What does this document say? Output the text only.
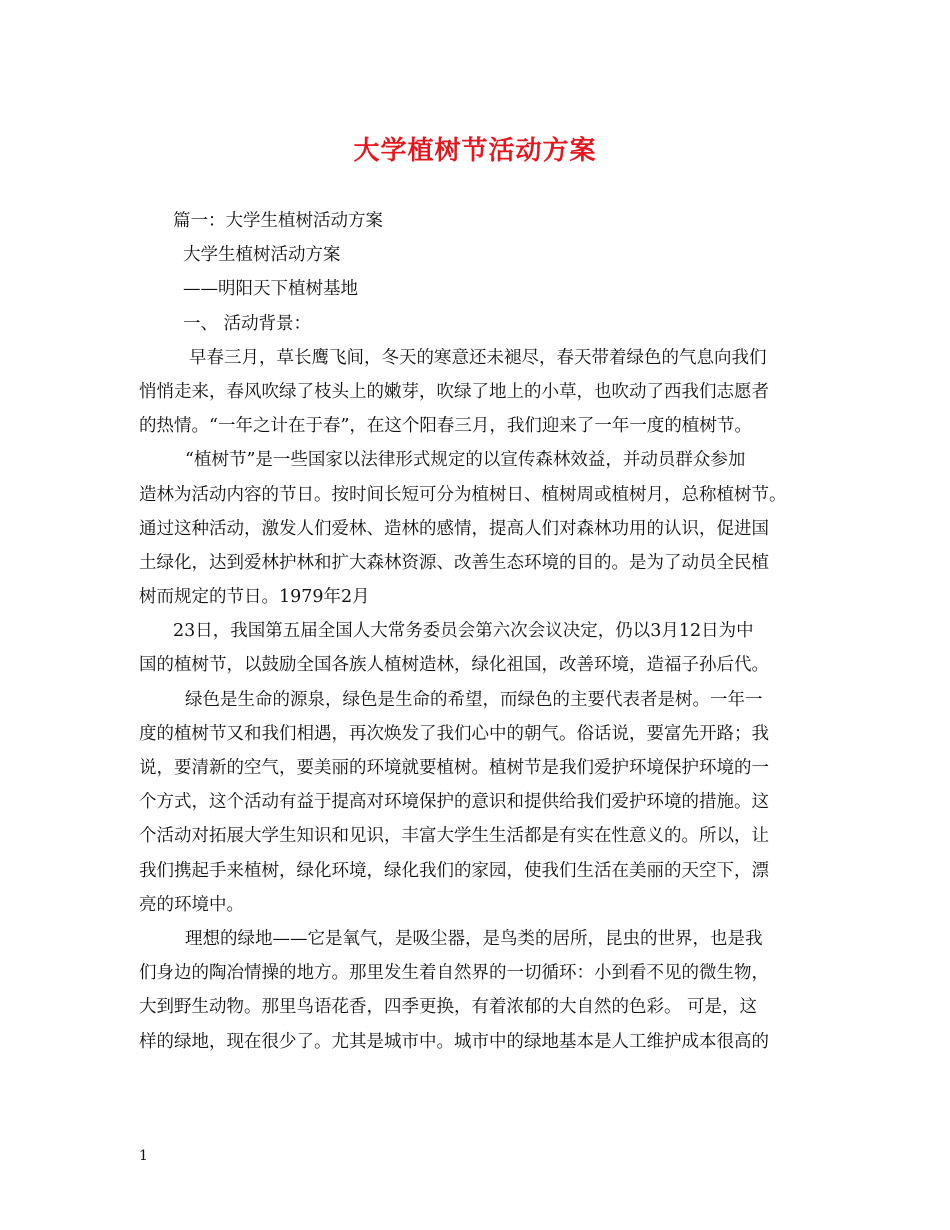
大学植树节活动方案
篇一：大学生植树活动方案
大学生植树活动方案
——明阳天下植树基地
一、 活动背景：
早春三月，草长鹰飞间，冬天的寒意还未褪尽，春天带着绿色的气息向我们
悄悄走来，春风吹绿了枝头上的嫩芽，吹绿了地上的小草，也吹动了西我们志愿者
的热情。“一年之计在于春”，在这个阳春三月，我们迎来了一年一度的植树节。
“植树节”是一些国家以法律形式规定的以宣传森林效益，并动员群众参加
造林为活动内容的节日。按时间长短可分为植树日、植树周或植树月，总称植树节。
通过这种活动，激发人们爱林、造林的感情，提高人们对森林功用的认识，促进国
土绿化，达到爱林护林和扩大森林资源、改善生态环境的目的。是为了动员全民植
树而规定的节日。1979年2月
23日，我国第五届全国人大常务委员会第六次会议决定，仍以3月12日为中
国的植树节，以鼓励全国各族人植树造林，绿化祖国，改善环境，造福子孙后代。
绿色是生命的源泉，绿色是生命的希望，而绿色的主要代表者是树。一年一
度的植树节又和我们相遇，再次焕发了我们心中的朝气。俗话说，要富先开路；我
说，要清新的空气，要美丽的环境就要植树。植树节是我们爱护环境保护环境的一
个方式，这个活动有益于提高对环境保护的意识和提供给我们爱护环境的措施。这
个活动对拓展大学生知识和见识，丰富大学生生活都是有实在性意义的。所以，让
我们携起手来植树，绿化环境，绿化我们的家园，使我们生活在美丽的天空下，漂
亮的环境中。
理想的绿地——它是氧气，是吸尘器，是鸟类的居所，昆虫的世界，也是我
们身边的陶冶情操的地方。那里发生着自然界的一切循环：小到看不见的微生物，
大到野生动物。那里鸟语花香，四季更换，有着浓郁的大自然的色彩。 可是，这
样的绿地，现在很少了。尤其是城市中。城市中的绿地基本是人工维护成本很高的
1
